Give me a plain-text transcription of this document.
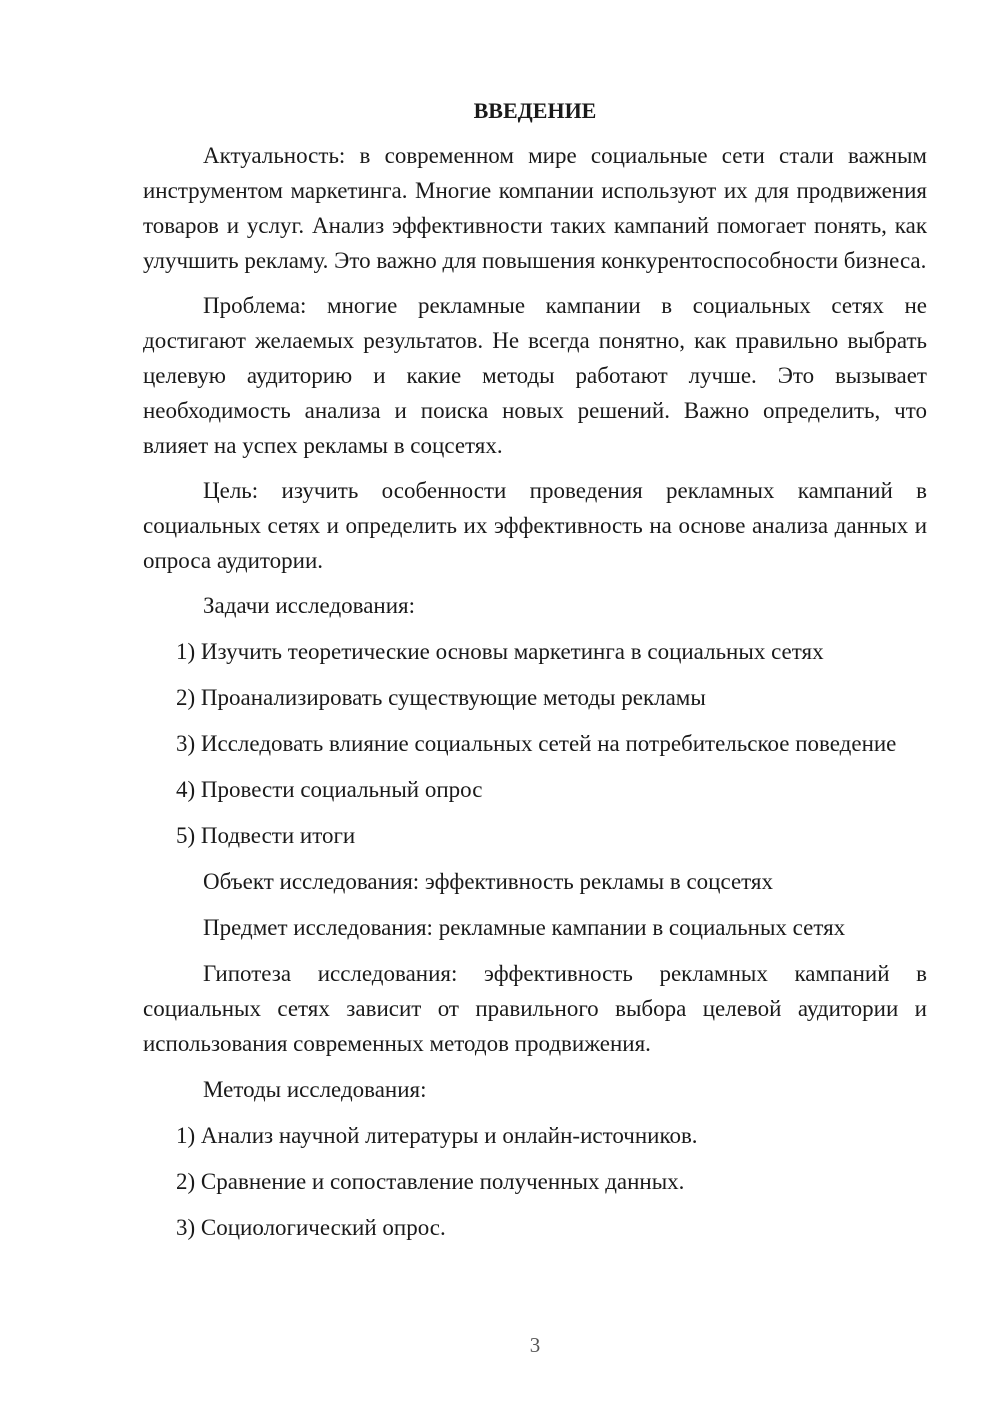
ВВЕДЕНИЕ

Актуальность: в современном мире социальные сети стали важным инструментом маркетинга. Многие компании используют их для продвижения товаров и услуг. Анализ эффективности таких кампаний помогает понять, как улучшить рекламу. Это важно для повышения конкурентоспособности бизнеса.

Проблема: многие рекламные кампании в социальных сетях не достигают желаемых результатов. Не всегда понятно, как правильно выбрать целевую аудиторию и какие методы работают лучше. Это вызывает необходимость анализа и поиска новых решений. Важно определить, что влияет на успех рекламы в соцсетях.

Цель: изучить особенности проведения рекламных кампаний в социальных сетях и определить их эффективность на основе анализа данных и опроса аудитории.

Задачи исследования:

1) Изучить теоретические основы маркетинга в социальных сетях

2) Проанализировать существующие методы рекламы

3) Исследовать влияние социальных сетей на потребительское поведение

4) Провести социальный опрос

5) Подвести итоги

Объект исследования: эффективность рекламы в соцсетях

Предмет исследования: рекламные кампании в социальных сетях

Гипотеза исследования: эффективность рекламных кампаний в социальных сетях зависит от правильного выбора целевой аудитории и использования современных методов продвижения.

Методы исследования:

1) Анализ научной литературы и онлайн-источников.

2) Сравнение и сопоставление полученных данных.

3) Социологический опрос.

3
